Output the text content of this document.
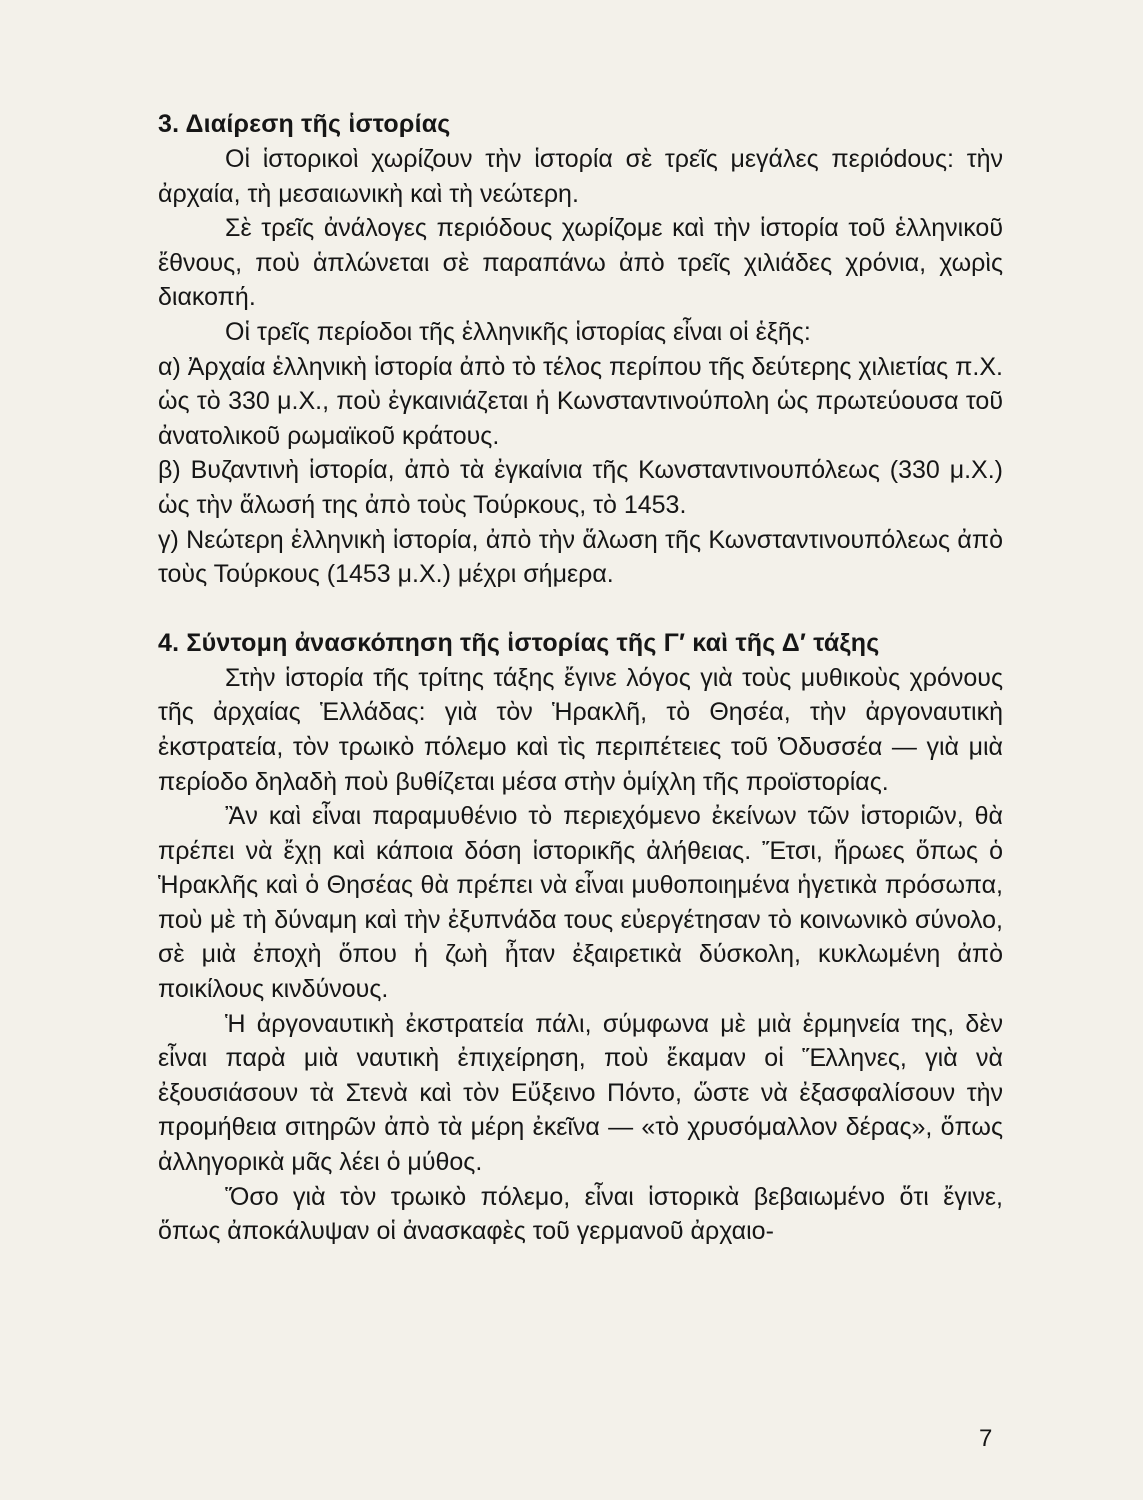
3. Διαίρεση τῆς ἱστορίας

Οἱ ἱστορικοὶ χωρίζουν τὴν ἱστορία σὲ τρεῖς μεγάλες περιόdους: τὴν ἀρχαία, τὴ μεσαιωνικὴ καὶ τὴ νεώτερη.

Σὲ τρεῖς ἀνάλογες περιόδους χωρίζομε καὶ τὴν ἱστορία τοῦ ἑλληνικοῦ ἔθνους, ποὺ ἁπλώνεται σὲ παραπάνω ἀπὸ τρεῖς χιλιάδες χρόνια, χωρὶς διακοπή.

Οἱ τρεῖς περίοδοι τῆς ἑλληνικῆς ἱστορίας εἶναι οἱ ἑξῆς:

α) Ἀρχαία ἑλληνικὴ ἱστορία ἀπὸ τὸ τέλος περίπου τῆς δεύτερης χιλιετίας π.Χ. ὡς τὸ 330 μ.Χ., ποὺ ἐγκαινιάζεται ἡ Κωνσταντινούπολη ὡς πρωτεύουσα τοῦ ἀνατολικοῦ ρωμαϊκοῦ κράτους.

β) Βυζαντινὴ ἱστορία, ἀπὸ τὰ ἐγκαίνια τῆς Κωνσταντινουπόλεως (330 μ.Χ.) ὡς τὴν ἅλωσή της ἀπὸ τοὺς Τούρκους, τὸ 1453.

γ) Νεώτερη ἑλληνικὴ ἱστορία, ἀπὸ τὴν ἅλωση τῆς Κωνσταντινουπόλεως ἀπὸ τοὺς Τούρκους (1453 μ.Χ.) μέχρι σήμερα.

4. Σύντομη ἀνασκόπηση τῆς ἱστορίας τῆς Γ′ καὶ τῆς Δ′ τάξης

Στὴν ἱστορία τῆς τρίτης τάξης ἔγινε λόγος γιὰ τοὺς μυθικοὺς χρόνους τῆς ἀρχαίας Ἑλλάδας: γιὰ τὸν Ἡρακλῆ, τὸ Θησέα, τὴν ἀργοναυτικὴ ἐκστρατεία, τὸν τρωικὸ πόλεμο καὶ τὶς περιπέτειες τοῦ Ὀδυσσέα — γιὰ μιὰ περίοδο δηλαδὴ ποὺ βυθίζεται μέσα στὴν ὁμίχλη τῆς προϊστορίας.

Ἂν καὶ εἶναι παραμυθένιο τὸ περιεχόμενο ἐκείνων τῶν ἱστοριῶν, θὰ πρέπει νὰ ἔχῃ καὶ κάποια δόση ἱστορικῆς ἀλήθειας. Ἔτσι, ἥρωες ὅπως ὁ Ἡρακλῆς καὶ ὁ Θησέας θὰ πρέπει νὰ εἶναι μυθοποιημένα ἡγετικὰ πρόσωπα, ποὺ μὲ τὴ δύναμη καὶ τὴν ἐξυπνάδα τους εὐεργέτησαν τὸ κοινωνικὸ σύνολο, σὲ μιὰ ἐποχὴ ὅπου ἡ ζωὴ ἦταν ἐξαιρετικὰ δύσκολη, κυκλωμένη ἀπὸ ποικίλους κινδύνους.

Ἡ ἀργοναυτικὴ ἐκστρατεία πάλι, σύμφωνα μὲ μιὰ ἑρμηνεία της, δὲν εἶναι παρὰ μιὰ ναυτικὴ ἐπιχείρηση, ποὺ ἔκαμαν οἱ Ἕλληνες, γιὰ νὰ ἐξουσιάσουν τὰ Στενὰ καὶ τὸν Εὔξεινο Πόντο, ὥστε νὰ ἐξασφαλίσουν τὴν προμήθεια σιτηρῶν ἀπὸ τὰ μέρη ἐκεῖνα — «τὸ χρυσόμαλλον δέρας», ὅπως ἀλληγορικὰ μᾶς λέει ὁ μύθος.

Ὅσο γιὰ τὸν τρωικὸ πόλεμο, εἶναι ἱστορικὰ βεβαιωμένο ὅτι ἔγινε, ὅπως ἀποκάλυψαν οἱ ἀνασκαφὲς τοῦ γερμανοῦ ἀρχαιο-

7
